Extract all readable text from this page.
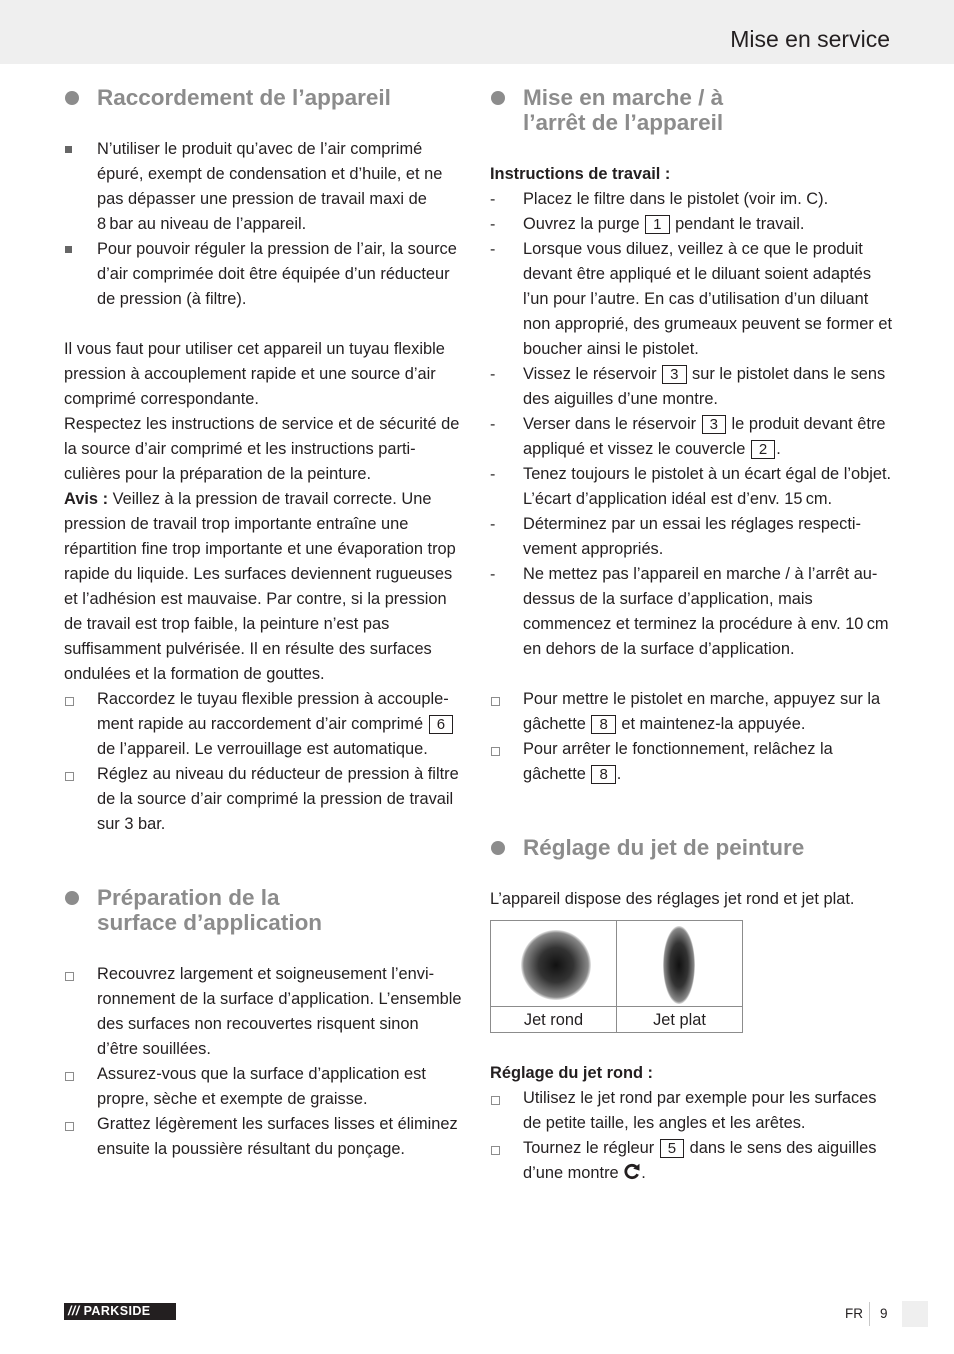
Mise en service
Raccordement de l’appareil
N’utiliser le produit qu’avec de l’air comprimé épuré, exempt de condensation et d’huile, et ne pas dépasser une pression de travail maxi de 8 bar au niveau de l’appareil.
Pour pouvoir réguler la pression de l’air, la source d’air comprimée doit être équipée d’un réducteur de pression (à filtre).
Il vous faut pour utiliser cet appareil un tuyau flexible pression à accouplement rapide et une source d’air comprimé correspondante.
Respectez les instructions de service et de sécurité de la source d’air comprimé et les instructions particulières pour la préparation de la peinture.
Avis : Veillez à la pression de travail correcte. Une pression de travail trop importante entraîne une répartition fine trop importante et une évaporation trop rapide du liquide. Les surfaces deviennent rugueuses et l’adhésion est mauvaise. Par contre, si la pression de travail est trop faible, la peinture n’est pas suffisamment pulvérisée. Il en résulte des surfaces ondulées et la formation de gouttes.
Raccordez le tuyau flexible pression à accouplement rapide au raccordement d’air comprimé 6 de l’appareil. Le verrouillage est automatique.
Réglez au niveau du réducteur de pression à filtre de la source d’air comprimé la pression de travail sur 3 bar.
Préparation de la
surface d’application
Recouvrez largement et soigneusement l’environnement de la surface d’application. L’ensemble des surfaces non recouvertes risquent sinon d’être souillées.
Assurez-vous que la surface d’application est propre, sèche et exempte de graisse.
Grattez légèrement les surfaces lisses et éliminez ensuite la poussière résultant du ponçage.
Mise en marche / à
l’arrêt de l’appareil
Instructions de travail :
-
Placez le filtre dans le pistolet (voir im. C).
-
Ouvrez la purge 1 pendant le travail.
-
Lorsque vous diluez, veillez à ce que le produit devant être appliqué et le diluant soient adaptés l’un pour l’autre. En cas d’utilisation d’un diluant non approprié, des grumeaux peuvent se former et boucher ainsi le pistolet.
-
Vissez le réservoir 3 sur le pistolet dans le sens des aiguilles d’une montre.
-
Verser dans le réservoir 3 le produit devant être appliqué et vissez le couvercle 2 .
-
Tenez toujours le pistolet à un écart égal de l’objet. L’écart d’application idéal est d’env. 15 cm.
-
Déterminez par un essai les réglages respectivement appropriés.
-
Ne mettez pas l’appareil en marche / à l’arrêt au-dessus de la surface d’application, mais commencez et terminez la procédure à env. 10 cm en dehors de la surface d’application.
Pour mettre le pistolet en marche, appuyez sur la gâchette 8 et maintenez-la appuyée.
Pour arrêter le fonctionnement, relâchez la gâchette 8 .
Réglage du jet de peinture
L’appareil dispose des réglages jet rond et jet plat.

Jet rond	Jet plat
Réglage du jet rond :
Utilisez le jet rond par exemple pour les surfaces de petite taille, les angles et les arêtes.
Tournez le régleur 5 dans le sens des aiguilles d’une montre .
/// PARKSIDE	FR 9
